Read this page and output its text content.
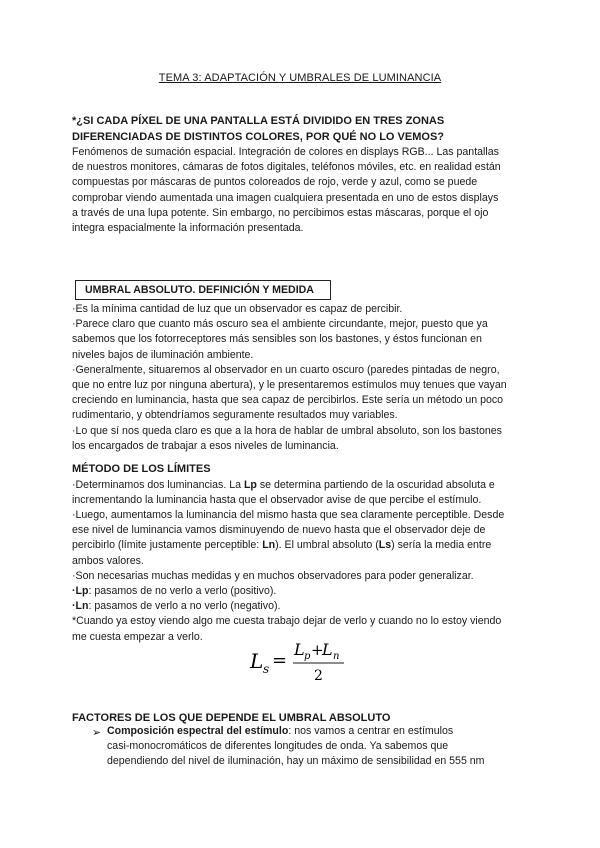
TEMA 3: ADAPTACIÓN Y UMBRALES DE LUMINANCIA
*¿SI CADA PÍXEL DE UNA PANTALLA ESTÁ DIVIDIDO EN TRES ZONAS
DIFERENCIADAS DE DISTINTOS COLORES, POR QUÉ NO LO VEMOS?
Fenómenos de sumación espacial. Integración de colores en displays RGB... Las pantallas
de nuestros monitores, cámaras de fotos digitales, teléfonos móviles, etc. en realidad están
compuestas por máscaras de puntos coloreados de rojo, verde y azul, como se puede
comprobar viendo aumentada una imagen cualquiera presentada en uno de estos displays
a través de una lupa potente. Sin embargo, no percibimos estas máscaras, porque el ojo
integra espacialmente la información presentada.
UMBRAL ABSOLUTO. DEFINICIÓN Y MEDIDA
·Es la mínima cantidad de luz que un observador es capaz de percibir.
·Parece claro que cuanto más oscuro sea el ambiente circundante, mejor, puesto que ya
sabemos que los fotorreceptores más sensibles son los bastones, y éstos funcionan en
niveles bajos de iluminación ambiente.
·Generalmente, situaremos al observador en un cuarto oscuro (paredes pintadas de negro,
que no entre luz por ninguna abertura), y le presentaremos estímulos muy tenues que vayan
creciendo en luminancia, hasta que sea capaz de percibirlos. Este sería un método un poco
rudimentario, y obtendríamos seguramente resultados muy variables.
·Lo que sí nos queda claro es que a la hora de hablar de umbral absoluto, son los bastones
los encargados de trabajar a esos niveles de luminancia.
MÉTODO DE LOS LÍMITES
·Determinamos dos luminancias. La Lp se determina partiendo de la oscuridad absoluta e
incrementando la luminancia hasta que el observador avise de que percibe el estímulo.
·Luego, aumentamos la luminancia del mismo hasta que sea claramente perceptible. Desde
ese nivel de luminancia vamos disminuyendo de nuevo hasta que el observador deje de
percibirlo (límite justamente perceptible: Ln). El umbral absoluto (Ls) sería la media entre
ambos valores.
·Son necesarias muchas medidas y en muchos observadores para poder generalizar.
·Lp: pasamos de no verlo a verlo (positivo).
·Ln: pasamos de verlo a no verlo (negativo).
*Cuando ya estoy viendo algo me cuesta trabajo dejar de verlo y cuando no lo estoy viendo
me cuesta empezar a verlo.
L s =
L p +
L n
2
FACTORES DE LOS QUE DEPENDE EL UMBRAL ABSOLUTO
➢ Composición espectral del estímulo: nos vamos a centrar en estímulos
casi-monocromáticos de diferentes longitudes de onda. Ya sabemos que
dependiendo del nivel de iluminación, hay un máximo de sensibilidad en 555 nm
